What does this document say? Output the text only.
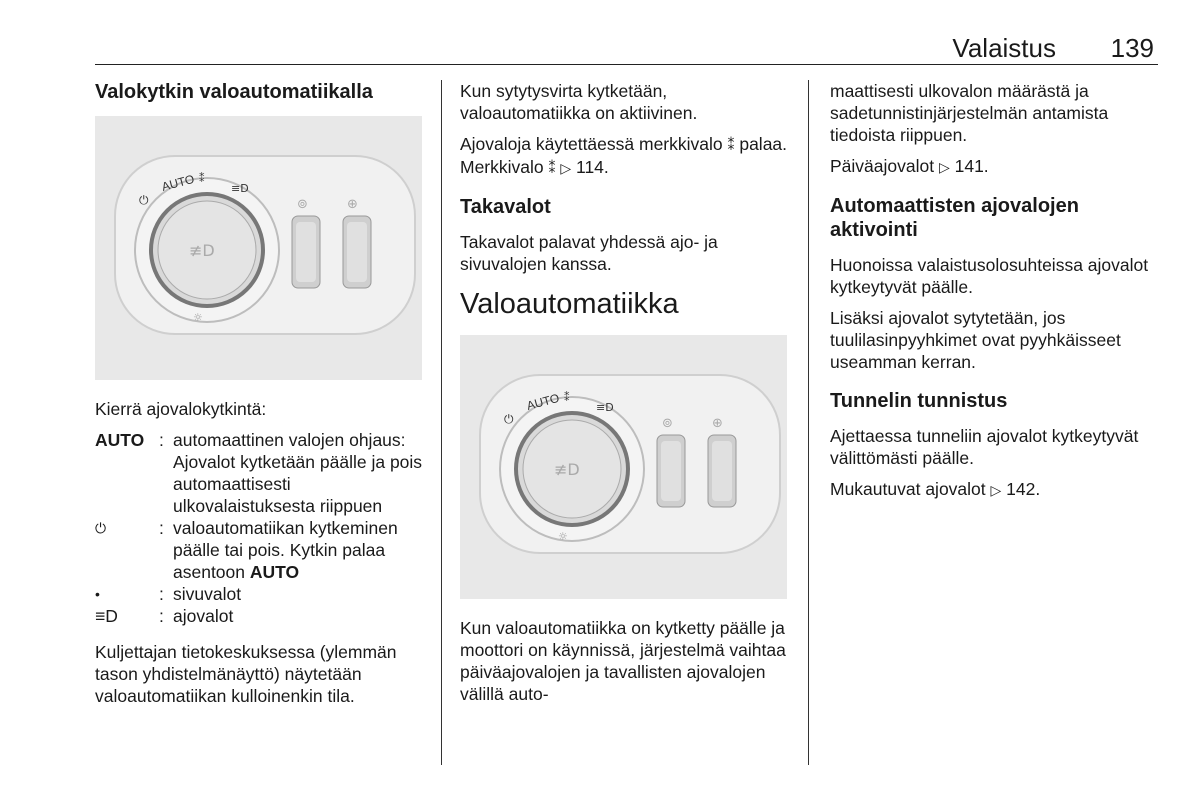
Valaistus 139
Valokytkin valoautomatiikalla
≢D
AUTO
⏻
⁑
≡D
☼
⊚	⊕

Kierrä ajovalokytkintä:

AUTO : automaattinen valojen ohjaus: Ajovalot kytketään päälle ja pois automaattisesti ulkovalaistuksesta riippuen
⏻	: valoautomatiikan kytkeminen päälle tai pois. Kytkin palaa asentoon AUTO
•	: sivuvalot
≡D	: ajovalot

Kuljettajan tietokeskuksessa (ylemmän tason yhdistelmänäyttö) näytetään valoautomatiikan kulloinenkin tila.

Kun sytytysvirta kytketään, valoautomatiikka on aktiivinen.

Ajovaloja käytettäessä merkkivalo ⁑ palaa. Merkkivalo ⁑ ▷ 114.

Takavalot

Takavalot palavat yhdessä ajo- ja sivuvalojen kanssa.

Valoautomatiikka
≢D
AUTO
⏻
⁑
≡D
☼
⊚	⊕

Kun valoautomatiikka on kytketty päälle ja moottori on käynnissä, järjestelmä vaihtaa päiväajovalojen ja tavallisten ajovalojen välillä auto-

maattisesti ulkovalon määrästä ja sadetunnistinjärjestelmän antamista tiedoista riippuen.

Päiväajovalot ▷ 141.

Automaattisten ajovalojen aktivointi

Huonoissa valaistusolosuhteissa ajovalot kytkeytyvät päälle.

Lisäksi ajovalot sytytetään, jos tuulilasinpyyhkimet ovat pyyhkäisseet useamman kerran.

Tunnelin tunnistus

Ajettaessa tunneliin ajovalot kytkeytyvät välittömästi päälle.

Mukautuvat ajovalot ▷ 142.
